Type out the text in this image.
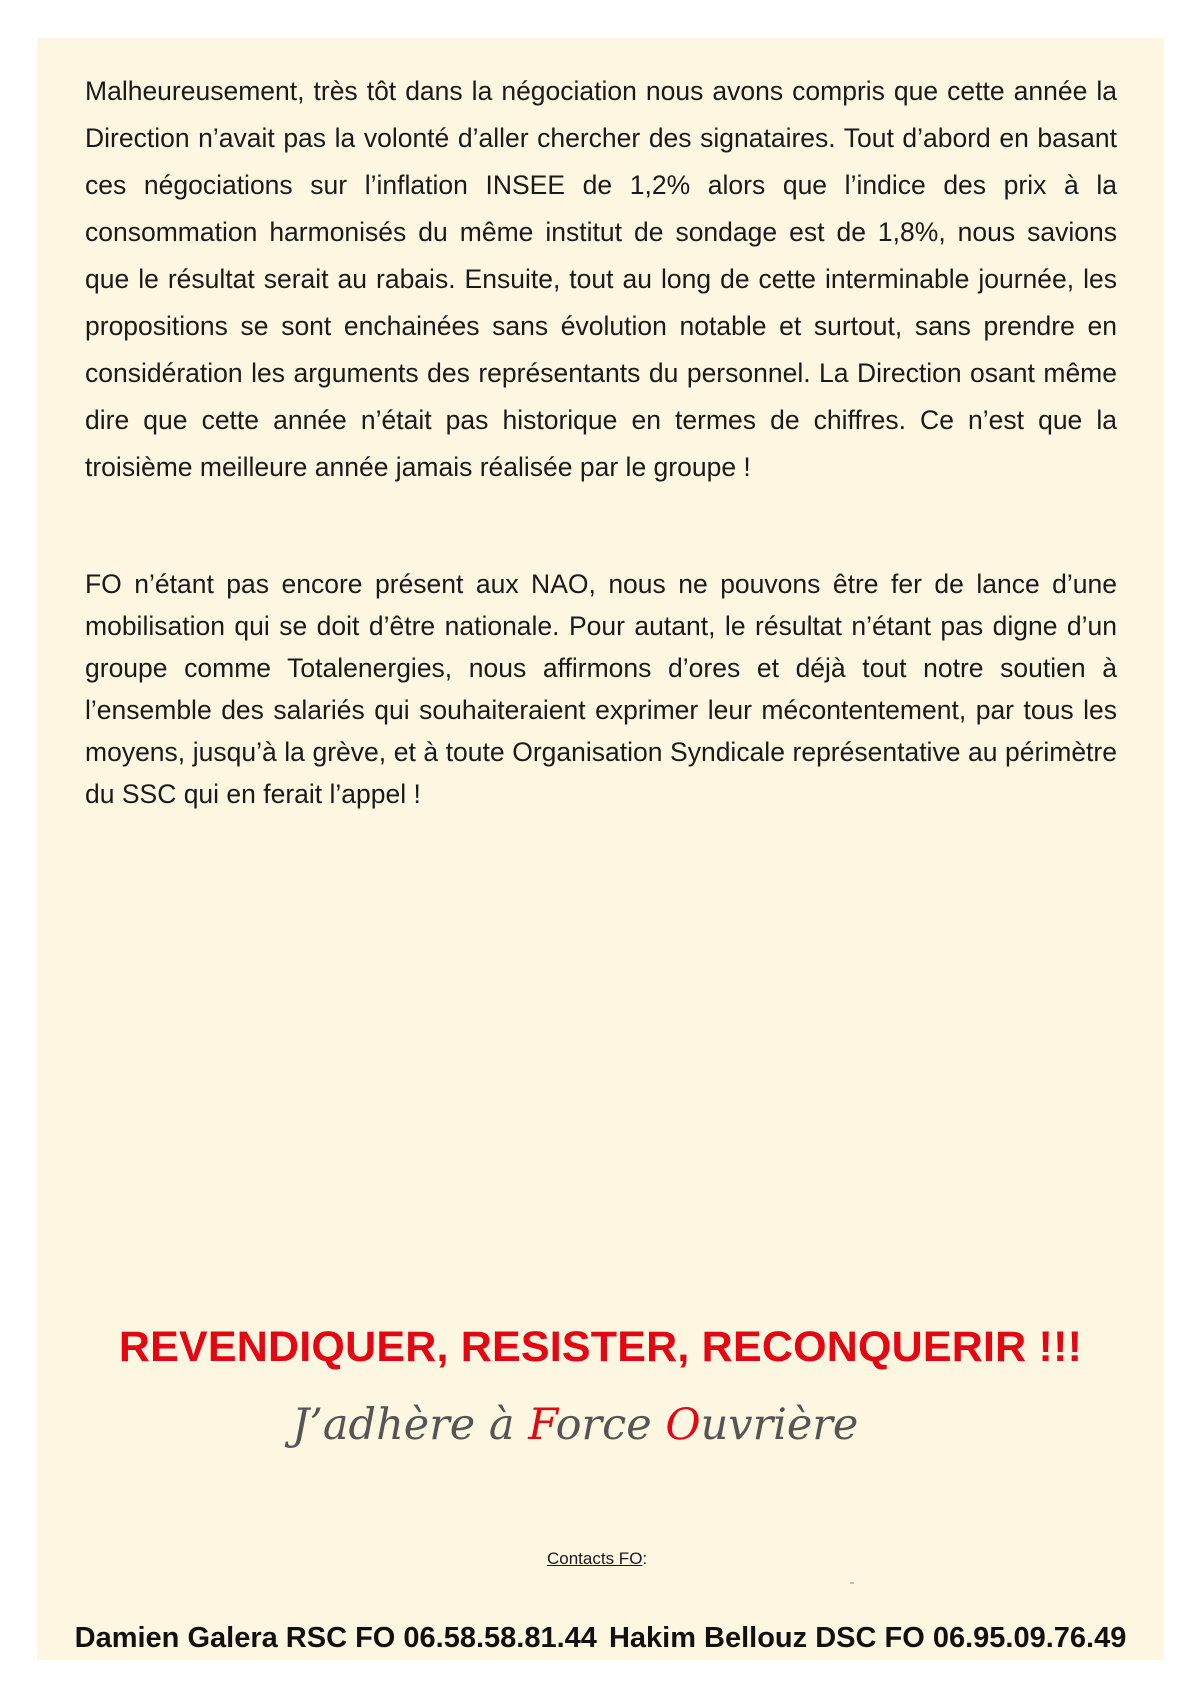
Malheureusement, très tôt dans la négociation nous avons compris que cette année la Direction n’avait pas la volonté d’aller chercher des signataires. Tout d’abord en basant ces négociations sur l’inflation INSEE de 1,2% alors que l’indice des prix à la consommation harmonisés du même institut de sondage est de 1,8%, nous savions que le résultat serait au rabais. Ensuite, tout au long de cette interminable journée, les propositions se sont enchainées sans évolution notable et surtout, sans prendre en considération les arguments des représentants du personnel. La Direction osant même dire que cette année n’était pas historique en termes de chiffres. Ce n’est que la troisième meilleure année jamais réalisée par le groupe !

FO n’étant pas encore présent aux NAO, nous ne pouvons être fer de lance d’une mobilisation qui se doit d’être nationale. Pour autant, le résultat n’étant pas digne d’un groupe comme Totalenergies, nous affirmons d’ores et déjà tout notre soutien à l’ensemble des salariés qui souhaiteraient exprimer leur mécontentement, par tous les moyens, jusqu’à la grève, et à toute Organisation Syndicale représentative au périmètre du SSC qui en ferait l’appel !

REVENDIQUER, RESISTER, RECONQUERIR !!!
J’adhère à Force Ouvrière
Contacts FO:
Damien Galera RSC FO 06.58.58.81.44 Hakim Bellouz DSC FO 06.95.09.76.49
